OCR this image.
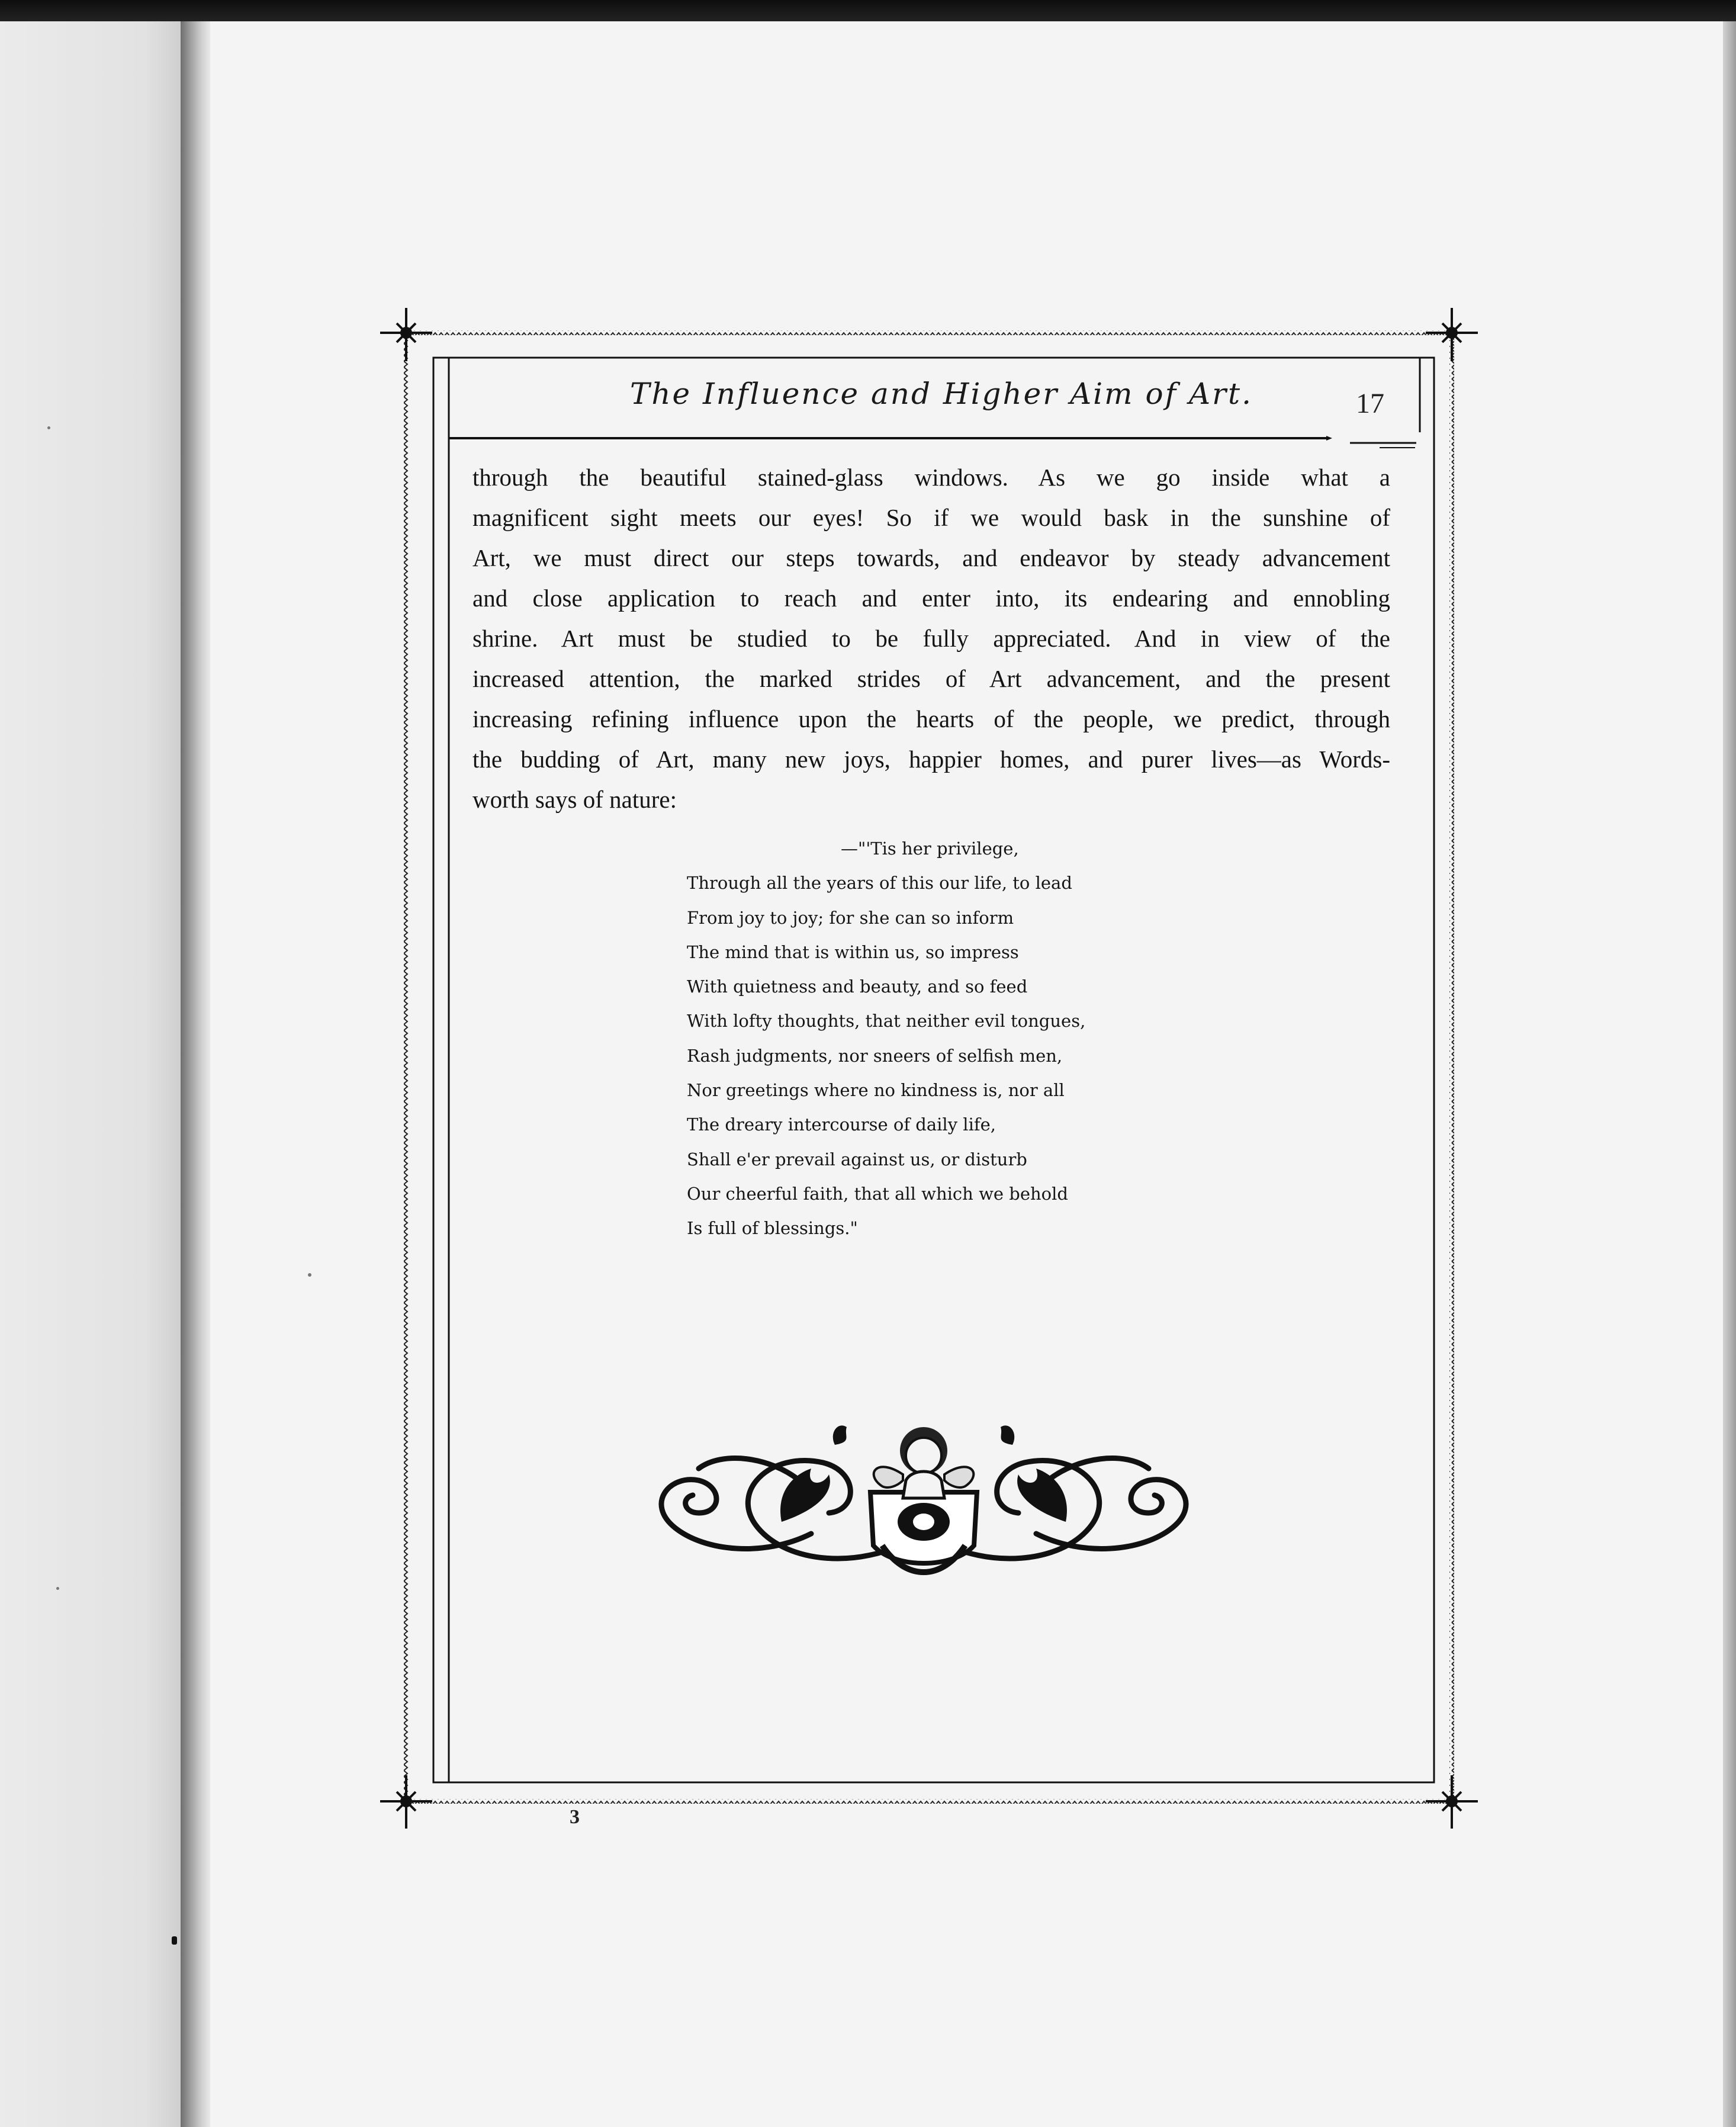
The Influence and Higher Aim of Art.	17
through the beautiful stained-glass windows. As we go inside what a
magnificent sight meets our eyes! So if we would bask in the sunshine of
Art, we must direct our steps towards, and endeavor by steady advancement
and close application to reach and enter into, its endearing and ennobling
shrine. Art must be studied to be fully appreciated. And in view of the
increased attention, the marked strides of Art advancement, and the present
increasing refining influence upon the hearts of the people, we predict, through
the budding of Art, many new joys, happier homes, and purer lives—as Words-
worth says of nature:
—"'Tis her privilege,
Through all the years of this our life, to lead
From joy to joy; for she can so inform
The mind that is within us, so impress
With quietness and beauty, and so feed
With lofty thoughts, that neither evil tongues,
Rash judgments, nor sneers of selfish men,
Nor greetings where no kindness is, nor all
The dreary intercourse of daily life,
Shall e'er prevail against us, or disturb
Our cheerful faith, that all which we behold
Is full of blessings."
3
